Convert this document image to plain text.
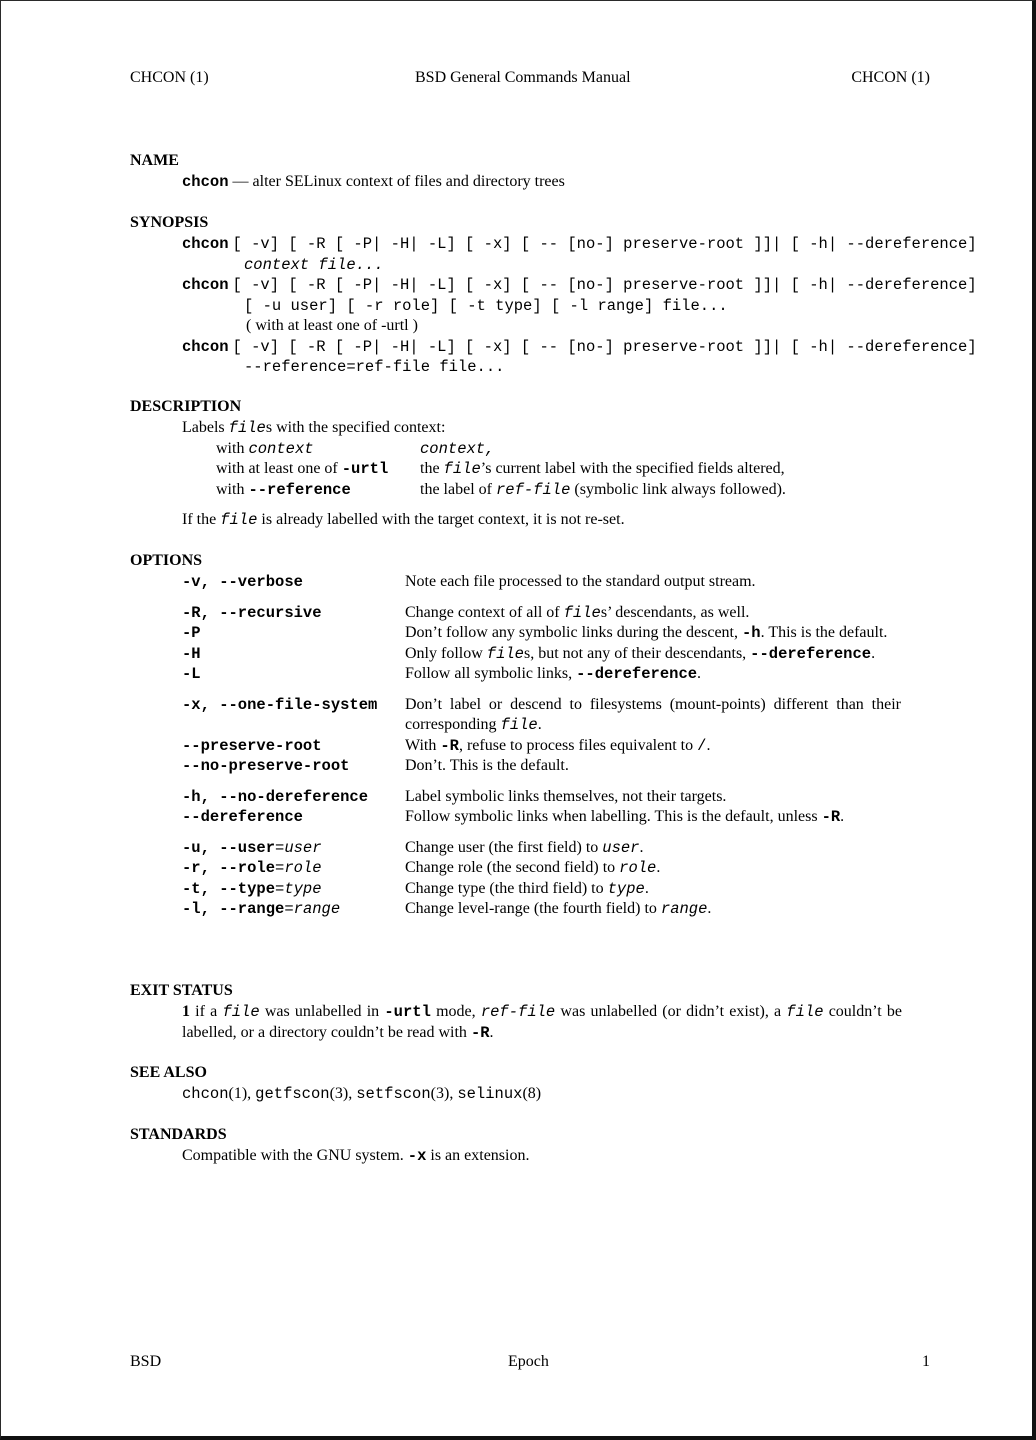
CHCON (1)	BSD General Commands Manual	CHCON (1)
NAME
chcon — alter SELinux context of files and directory trees
SYNOPSIS
chcon [ -v] [ -R [ -P| -H| -L] [ -x] [ -- [no-] preserve-root ]]| [ -h| --dereference]
context file...
chcon [ -v] [ -R [ -P| -H| -L] [ -x] [ -- [no-] preserve-root ]]| [ -h| --dereference]
[ -u user] [ -r role] [ -t type] [ -l range] file...
( with at least one of -urtl )
chcon [ -v] [ -R [ -P| -H| -L] [ -x] [ -- [no-] preserve-root ]]| [ -h| --dereference]
--reference=ref-file file...
DESCRIPTION
Labels files with the specified context:
with context	context,
with at least one of -urtl	the file’s current label with the specified fields altered,
with --reference	the label of ref-file (symbolic link always followed).
If the file is already labelled with the target context, it is not re-set.
OPTIONS
-v, --verbose	Note each file processed to the standard output stream.
-R, --recursive	Change context of all of files’ descendants, as well.
-P	Don’t follow any symbolic links during the descent, -h. This is the default.
-H	Only follow files, but not any of their descendants, --dereference.
-L	Follow all symbolic links, --dereference.
-x, --one-file-system	Don’t label or descend to filesystems (mount-points) different than their corresponding file.
--preserve-root	With -R, refuse to process files equivalent to /.
--no-preserve-root	Don’t. This is the default.
-h, --no-dereference	Label symbolic links themselves, not their targets.
--dereference	Follow symbolic links when labelling. This is the default, unless -R.
-u, --user=user	Change user (the first field) to user.
-r, --role=role	Change role (the second field) to role.
-t, --type=type	Change type (the third field) to type.
-l, --range=range	Change level-range (the fourth field) to range.
EXIT STATUS
1 if a file was unlabelled in -urtl mode, ref-file was unlabelled (or didn’t exist), a file couldn’t be labelled, or a directory couldn’t be read with -R.
SEE ALSO
chcon(1), getfscon(3), setfscon(3), selinux(8)
STANDARDS
Compatible with the GNU system. -x is an extension.
BSD	Epoch	1
